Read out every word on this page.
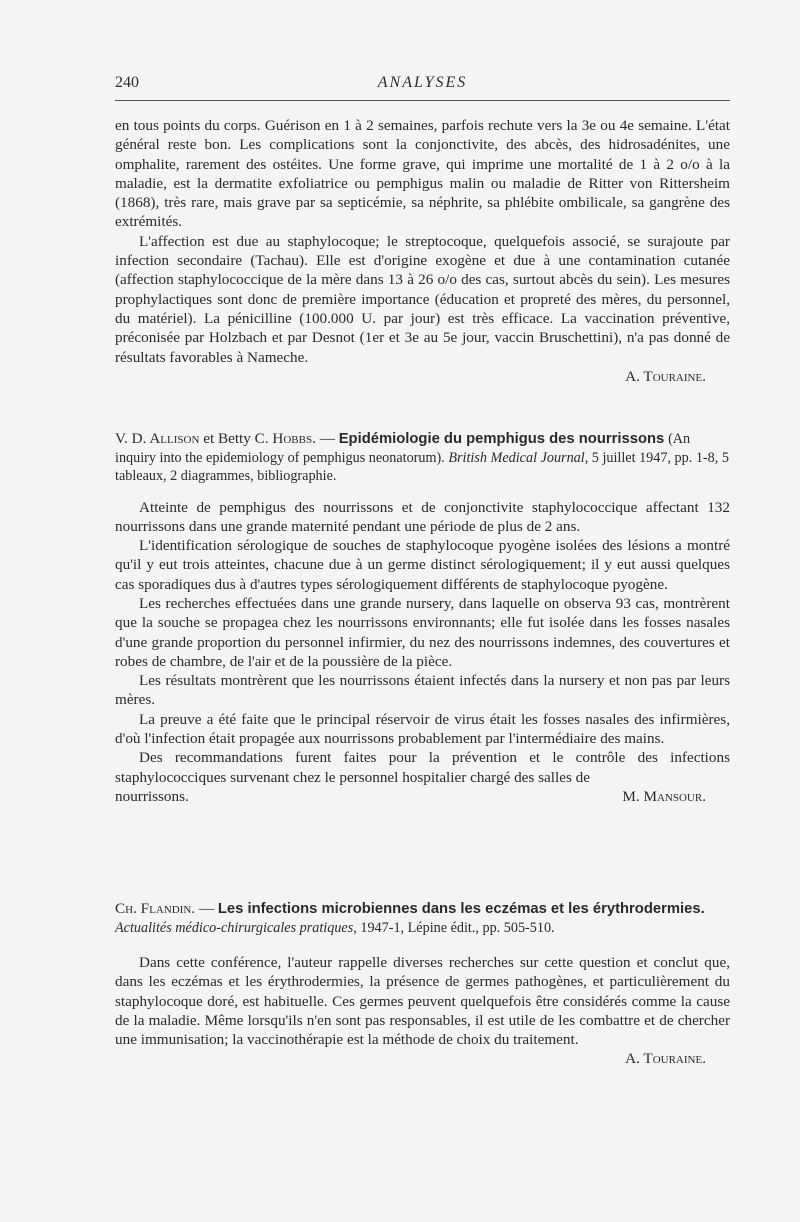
240	ANALYSES

en tous points du corps. Guérison en 1 à 2 semaines, parfois rechute vers la 3e ou 4e semaine. L'état général reste bon. Les complications sont la conjonctivite, des abcès, des hidrosadénites, une omphalite, rarement des ostéites. Une forme grave, qui imprime une mortalité de 1 à 2 o/o à la maladie, est la dermatite exfoliatrice ou pemphigus malin ou maladie de Ritter von Rittersheim (1868), très rare, mais grave par sa septicémie, sa néphrite, sa phlébite ombilicale, sa gangrène des extrémités.

L'affection est due au staphylocoque; le streptocoque, quelquefois associé, se surajoute par infection secondaire (Tachau). Elle est d'origine exogène et due à une contamination cutanée (affection staphylococcique de la mère dans 13 à 26 o/o des cas, surtout abcès du sein). Les mesures prophylactiques sont donc de première importance (éducation et propreté des mères, du personnel, du matériel). La pénicilline (100.000 U. par jour) est très efficace. La vaccination préventive, préconisée par Holzbach et par Desnot (1er et 3e au 5e jour, vaccin Bruschettini), n'a pas donné de résultats favorables à Nameche.

A. Touraine.
V. D. Allison et Betty C. Hobbs. — Epidémiologie du pemphigus des nourrissons (An inquiry into the epidemiology of pemphigus neonatorum). British Medical Journal, 5 juillet 1947, pp. 1-8, 5 tableaux, 2 diagrammes, bibliographie.

Atteinte de pemphigus des nourrissons et de conjonctivite staphylococcique affectant 132 nourrissons dans une grande maternité pendant une période de plus de 2 ans.

L'identification sérologique de souches de staphylocoque pyogène isolées des lésions a montré qu'il y eut trois atteintes, chacune due à un germe distinct sérologiquement; il y eut aussi quelques cas sporadiques dus à d'autres types sérologiquement différents de staphylocoque pyogène.

Les recherches effectuées dans une grande nursery, dans laquelle on observa 93 cas, montrèrent que la souche se propagea chez les nourrissons environnants; elle fut isolée dans les fosses nasales d'une grande proportion du personnel infirmier, du nez des nourrissons indemnes, des couvertures et robes de chambre, de l'air et de la poussière de la pièce.

Les résultats montrèrent que les nourrissons étaient infectés dans la nursery et non pas par leurs mères.

La preuve a été faite que le principal réservoir de virus était les fosses nasales des infirmières, d'où l'infection était propagée aux nourrissons probablement par l'intermédiaire des mains.

Des recommandations furent faites pour la prévention et le contrôle des infections staphylococciques survenant chez le personnel hospitalier chargé des salles de

nourrissons.	M. Mansour.
Ch. Flandin. — Les infections microbiennes dans les eczémas et les érythrodermies. Actualités médico-chirurgicales pratiques, 1947-1, Lépine édit., pp. 505-510.

Dans cette conférence, l'auteur rappelle diverses recherches sur cette question et conclut que, dans les eczémas et les érythrodermies, la présence de germes pathogènes, et particulièrement du staphylocoque doré, est habituelle. Ces germes peuvent quelquefois être considérés comme la cause de la maladie. Même lorsqu'ils n'en sont pas responsables, il est utile de les combattre et de chercher une immunisation; la vaccinothérapie est la méthode de choix du traitement.

A. Touraine.
